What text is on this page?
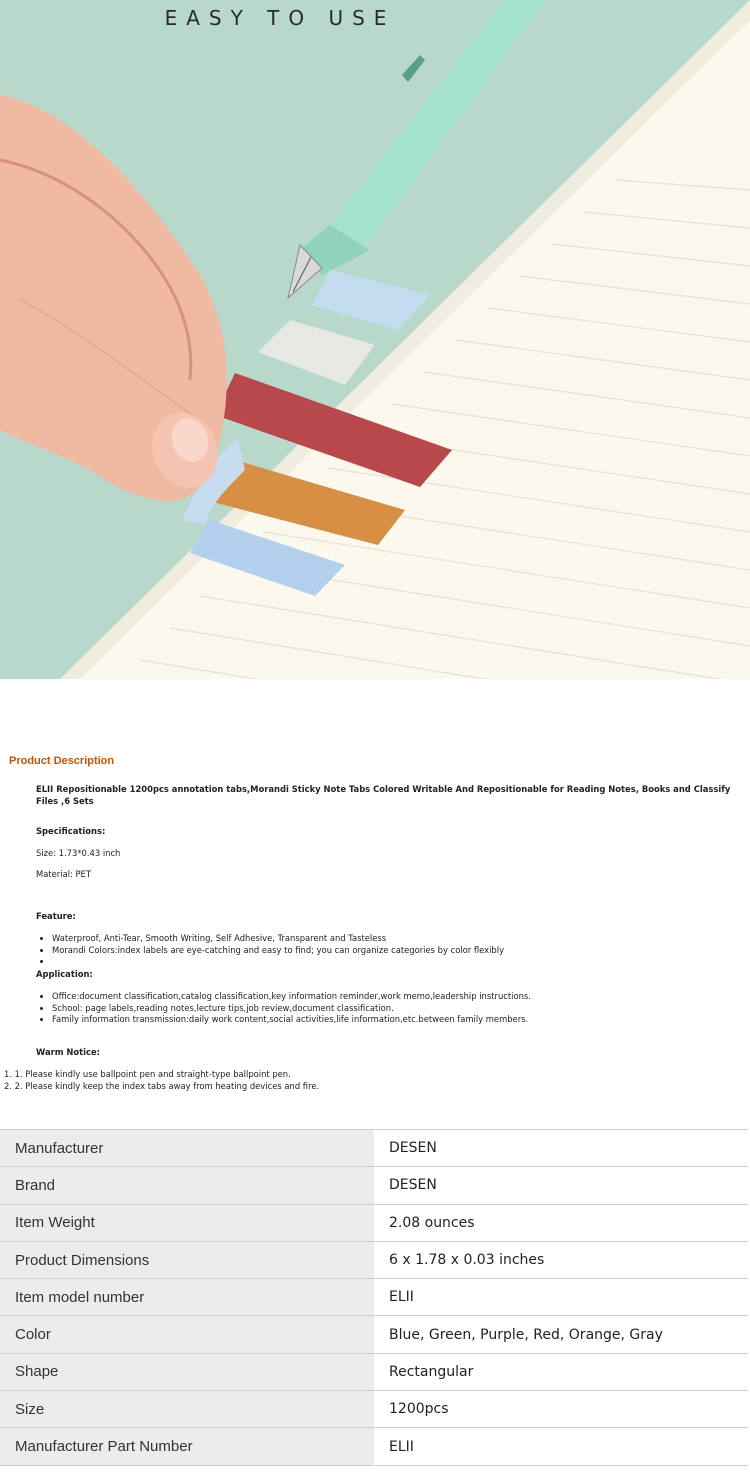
EASY TO USE
Product Description

ELII Repositionable 1200pcs annotation tabs,Morandi Sticky Note Tabs Colored Writable And Repositionable for Reading Notes, Books and Classify Files ,6 Sets

Specifications:

Size: 1.73*0.43 inch

Material: PET

Feature:

• Waterproof, Anti-Tear, Smooth Writing, Self Adhesive, Transparent and Tasteless
• Morandi Colors:index labels are eye-catching and easy to find; you can organize categories by color flexibly
•

Application:

• Office:document classification,catalog classification,key information reminder,work memo,leadership instructions.
• School: page labels,reading notes,lecture tips,job review,document classification.
• Family information transmission:daily work content,social activities,life information,etc.between family members.

Warm Notice:

1. 1. Please kindly use ballpoint pen and straight-type ballpoint pen.
2. 2. Please kindly keep the index tabs away from heating devices and fire.
Manufacturer	DESEN
Brand	DESEN
Item Weight	2.08 ounces
Product Dimensions	6 x 1.78 x 0.03 inches
Item model number	ELII
Color	Blue, Green, Purple, Red, Orange, Gray
Shape	Rectangular
Size	1200pcs
Manufacturer Part Number	ELII
